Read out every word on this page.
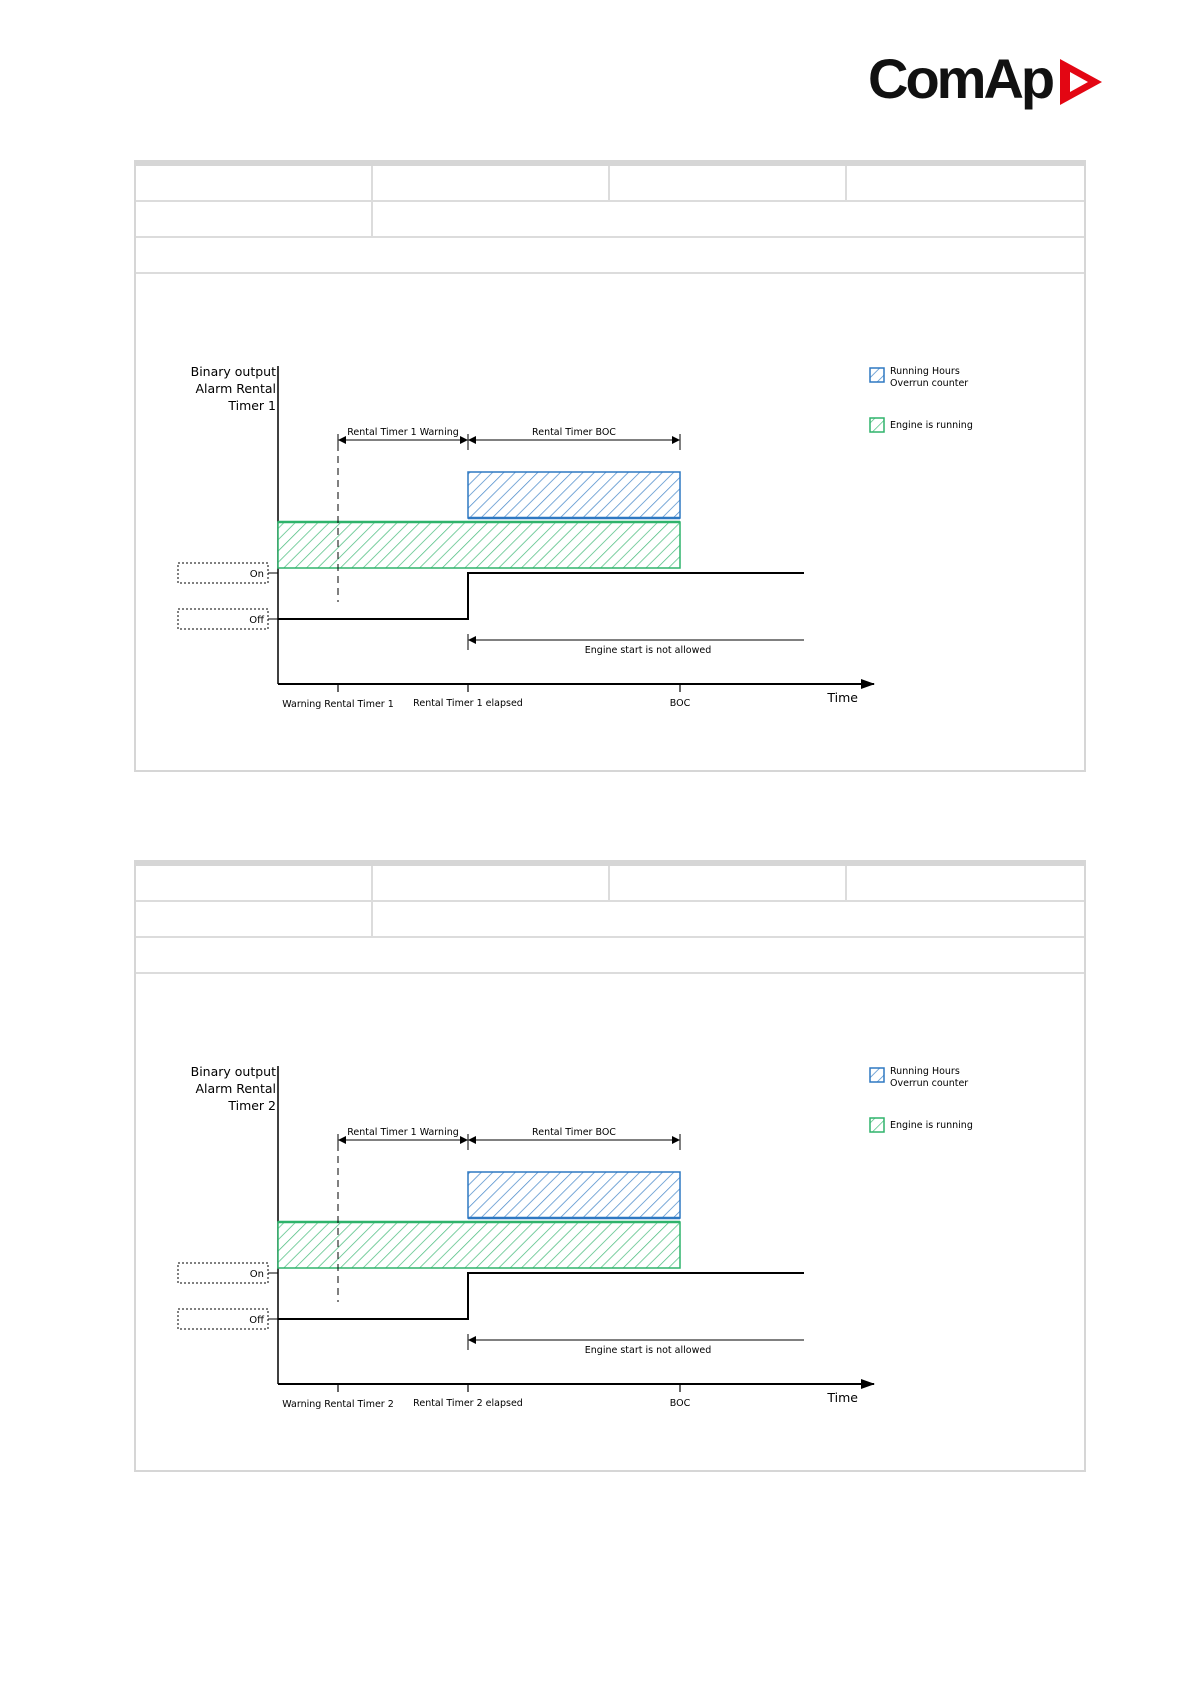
ComAp
Binary output
Alarm Rental
Timer 1
Time
On
Off
Rental Timer 1 Warning	Rental Timer BOC
Engine start is not allowed
Warning Rental Timer 1 Rental Timer 1 elapsed	BOC
Running Hours
Overrun counter
Engine is running
Binary output
Alarm Rental
Timer 2
Time
On
Off
Rental Timer 1 Warning	Rental Timer BOC
Engine start is not allowed
Warning Rental Timer 2 Rental Timer 2 elapsed	BOC
Running Hours
Overrun counter
Engine is running
